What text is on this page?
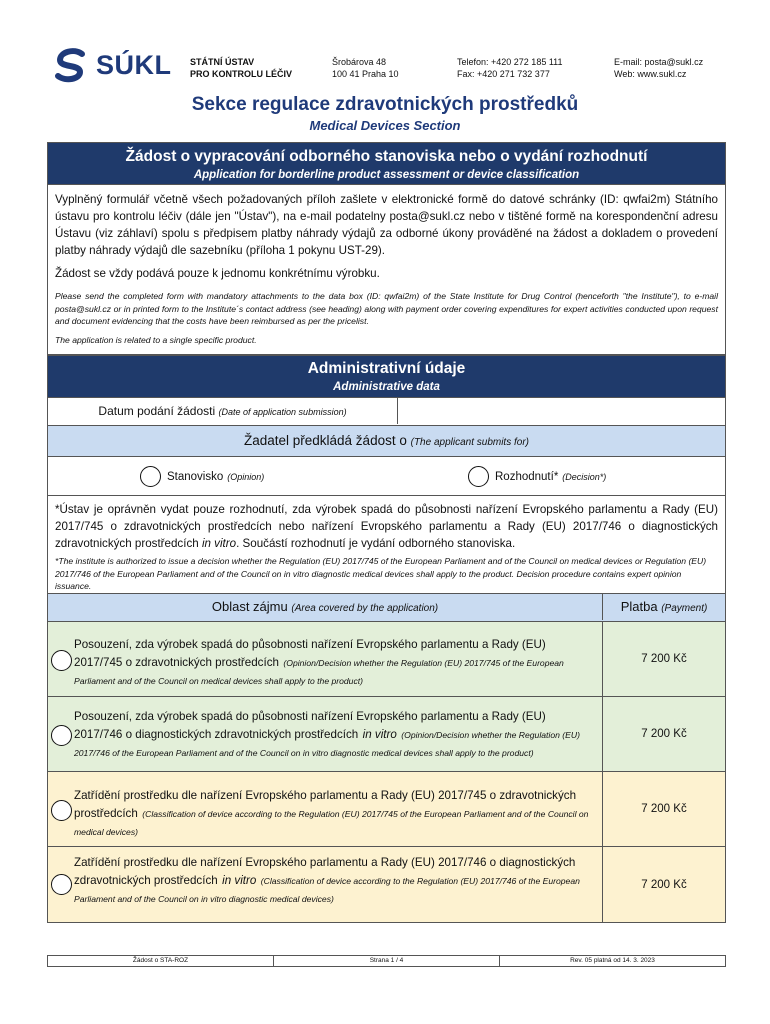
SÚKL STÁTNÍ ÚSTAV
PRO KONTROLU LÉČIV
Šrobárova 48
100 41 Praha 10
Telefon: +420 272 185 111
Fax: +420 271 732 377
E-mail: posta@sukl.cz
Web: www.sukl.cz
Sekce regulace zdravotnických prostředků
Medical Devices Section
Žádost o vypracování odborného stanoviska nebo o vydání rozhodnutí
Application for borderline product assessment or device classification

Vyplněný formulář včetně všech požadovaných příloh zašlete v elektronické formě do datové schránky (ID: qwfai2m) Státního ústavu pro kontrolu léčiv (dále jen "Ústav"), na e-mail podatelny posta@sukl.cz nebo v tištěné formě na korespondenční adresu Ústavu (viz záhlaví) spolu s předpisem platby náhrady výdajů za odborné úkony prováděné na žádost a dokladem o provedení platby náhrady výdajů dle sazebníku (příloha 1 pokynu UST-29).

Žádost se vždy podává pouze k jednomu konkrétnímu výrobku.

Please send the completed form with mandatory attachments to the data box (ID: qwfai2m) of the State Institute for Drug Control (henceforth "the Institute"), to e-mail posta@sukl.cz or in printed form to the Institute´s contact address (see heading) along with payment order covering expenditures for expert activities conducted upon request and document evidencing that the costs have been reimbursed as per the pricelist.

The application is related to a single specific product.

Administrativní údaje
Administrative data
Datum podání žádosti (Date of application submission)
Žadatel předkládá žádost o (The applicant submits for)
Stanovisko (Opinion)	Rozhodnutí* (Decision*)

*Ústav je oprávněn vydat pouze rozhodnutí, zda výrobek spadá do působnosti nařízení Evropského parlamentu a Rady (EU) 2017/745 o zdravotnických prostředcích nebo nařízení Evropského parlamentu a Rady (EU) 2017/746 o diagnostických zdravotnických prostředcích in vitro. Součástí rozhodnutí je vydání odborného stanoviska.

*The institute is authorized to issue a decision whether the Regulation (EU) 2017/745 of the European Parliament and of the Council on medical devices or Regulation (EU) 2017/746 of the European Parliament and of the Council on in vitro diagnostic medical devices shall apply to the product. Decision procedure contains expert opinion issuance.

Oblast zájmu (Area covered by the application)	Platba (Payment)
Posouzení, zda výrobek spadá do působnosti nařízení Evropského parlamentu a Rady (EU) 2017/745 o zdravotnických prostředcích (Opinion/Decision whether the Regulation (EU) 2017/745 of the European Parliament and of the Council on medical devices shall apply to the product)
7 200 Kč
Posouzení, zda výrobek spadá do působnosti nařízení Evropského parlamentu a Rady (EU) 2017/746 o diagnostických zdravotnických prostředcích in vitro (Opinion/Decision whether the Regulation (EU) 2017/746 of the European Parliament and of the Council on in vitro diagnostic medical devices shall apply to the product)
7 200 Kč
Zatřídění prostředku dle nařízení Evropského parlamentu a Rady (EU) 2017/745 o zdravotnických prostředcích (Classification of device according to the Regulation (EU) 2017/745 of the European Parliament and of the Council on medical devices)
7 200 Kč
Zatřídění prostředku dle nařízení Evropského parlamentu a Rady (EU) 2017/746 o diagnostických zdravotnických prostředcích in vitro (Classification of device according to the Regulation (EU) 2017/746 of the European Parliament and of the Council on in vitro diagnostic medical devices)
7 200 Kč
Žádost o STA-ROZ	Strana 1 / 4	Rev. 05 platná od 14. 3. 2023
